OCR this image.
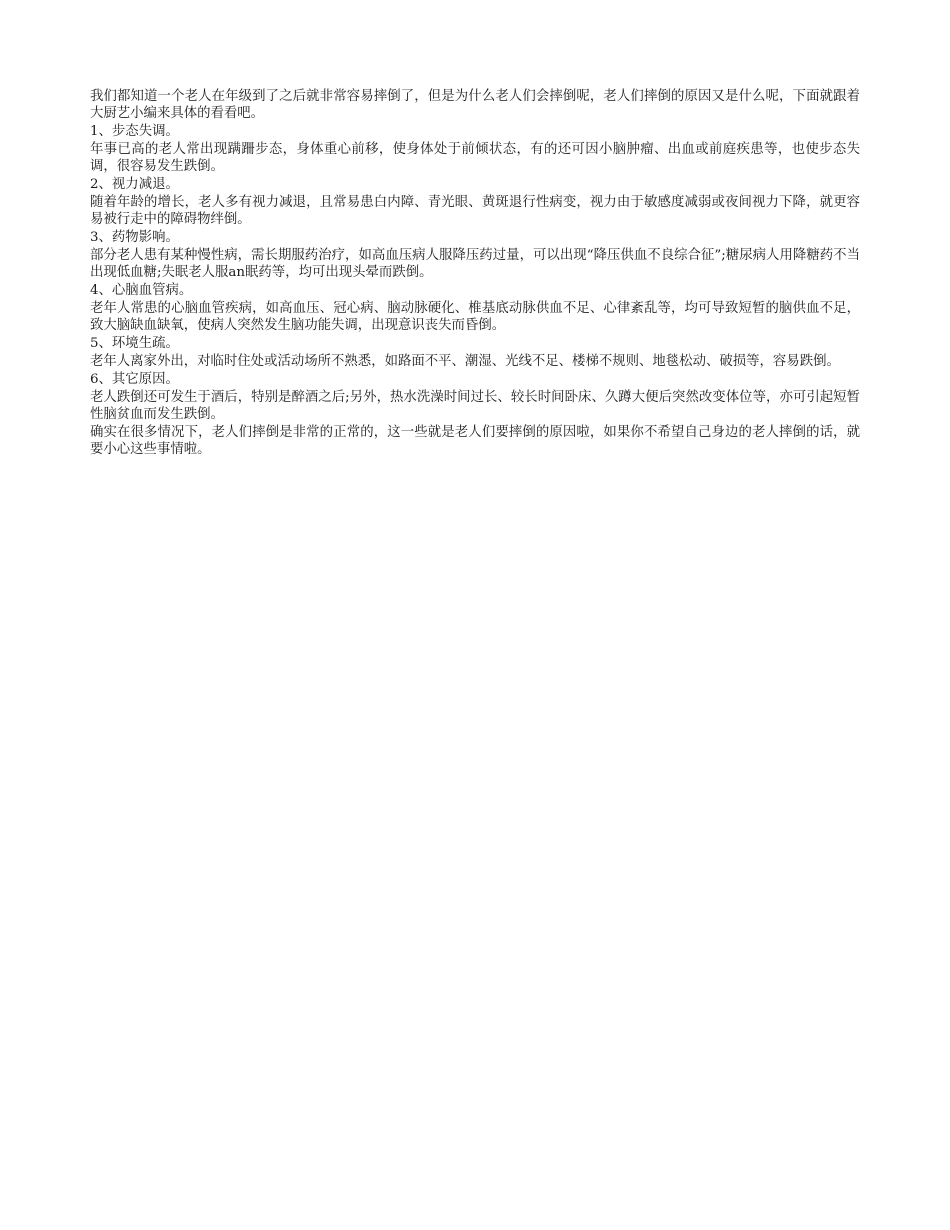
我们都知道一个老人在年级到了之后就非常容易摔倒了，但是为什么老人们会摔倒呢，老人们摔倒的原因又是什么呢，下面就跟着大厨艺小编来具体的看看吧。

1、步态失调。

年事已高的老人常出现蹒跚步态，身体重心前移，使身体处于前倾状态，有的还可因小脑肿瘤、出血或前庭疾患等，也使步态失调，很容易发生跌倒。

2、视力减退。

随着年龄的增长，老人多有视力减退，且常易患白内障、青光眼、黄斑退行性病变，视力由于敏感度减弱或夜间视力下降，就更容易被行走中的障碍物绊倒。

3、药物影响。

部分老人患有某种慢性病，需长期服药治疗，如高血压病人服降压药过量，可以出现“降压供血不良综合征”;糖尿病人用降糖药不当出现低血糖;失眠老人服an眠药等，均可出现头晕而跌倒。

4、心脑血管病。

老年人常患的心脑血管疾病，如高血压、冠心病、脑动脉硬化、椎基底动脉供血不足、心律紊乱等，均可导致短暂的脑供血不足，致大脑缺血缺氧，使病人突然发生脑功能失调，出现意识丧失而昏倒。

5、环境生疏。

老年人离家外出，对临时住处或活动场所不熟悉，如路面不平、潮湿、光线不足、楼梯不规则、地毯松动、破损等，容易跌倒。

6、其它原因。

老人跌倒还可发生于酒后，特别是醉酒之后;另外，热水洗澡时间过长、较长时间卧床、久蹲大便后突然改变体位等，亦可引起短暂性脑贫血而发生跌倒。

确实在很多情况下，老人们摔倒是非常的正常的，这一些就是老人们要摔倒的原因啦，如果你不希望自己身边的老人摔倒的话，就要小心这些事情啦。
